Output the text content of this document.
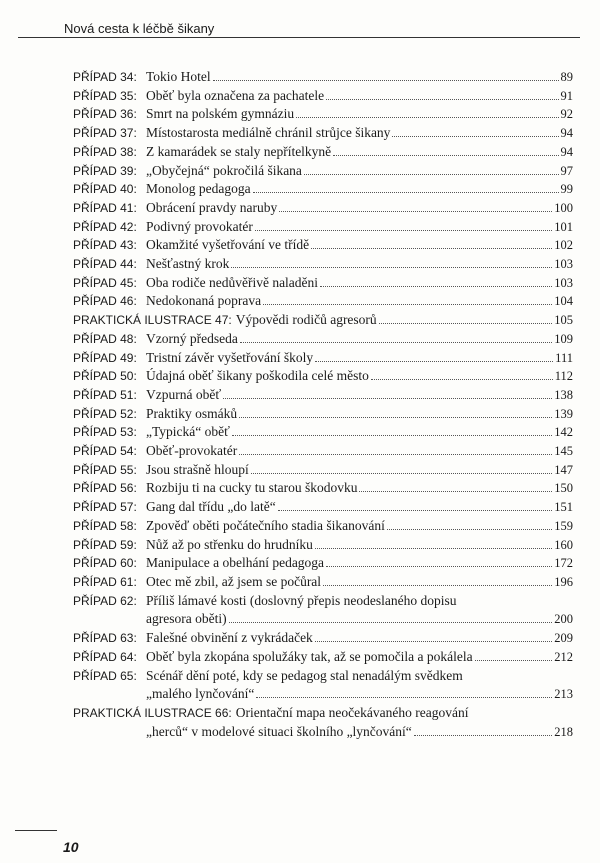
Nová cesta k léčbě šikany
PŘÍPAD 34: Tokio Hotel	89
PŘÍPAD 35: Oběť byla označena za pachatele	91
PŘÍPAD 36: Smrt na polském gymnáziu	92
PŘÍPAD 37: Místostarosta mediálně chránil strůjce šikany	94
PŘÍPAD 38: Z kamarádek se staly nepřítelkyně	94
PŘÍPAD 39: „Obyčejná“ pokročilá šikana	97
PŘÍPAD 40: Monolog pedagoga	99
PŘÍPAD 41: Obrácení pravdy naruby	100
PŘÍPAD 42: Podivný provokatér	101
PŘÍPAD 43: Okamžité vyšetřování ve třídě	102
PŘÍPAD 44: Nešťastný krok	103
PŘÍPAD 45: Oba rodiče nedůvěřivě naladěni	103
PŘÍPAD 46: Nedokonaná poprava	104
PRAKTICKÁ ILUSTRACE 47: Výpovědi rodičů agresorů	105
PŘÍPAD 48: Vzorný předseda	109
PŘÍPAD 49: Tristní závěr vyšetřování školy	111
PŘÍPAD 50: Údajná oběť šikany poškodila celé město	112
PŘÍPAD 51: Vzpurná oběť	138
PŘÍPAD 52: Praktiky osmáků	139
PŘÍPAD 53: „Typická“ oběť	142
PŘÍPAD 54: Oběť-provokatér	145
PŘÍPAD 55: Jsou strašně hloupí	147
PŘÍPAD 56: Rozbiju ti na cucky tu starou škodovku	150
PŘÍPAD 57: Gang dal třídu „do latě“	151
PŘÍPAD 58: Zpověď oběti počátečního stadia šikanování	159
PŘÍPAD 59: Nůž až po střenku do hrudníku	160
PŘÍPAD 60: Manipulace a obelhání pedagoga	172
PŘÍPAD 61: Otec mě zbil, až jsem se počůral	196
PŘÍPAD 62: Příliš lámavé kosti (doslovný přepis neodeslaného dopisu
agresora oběti)	200
PŘÍPAD 63: Falešné obvinění z vykrádaček	209
PŘÍPAD 64: Oběť byla zkopána spolužáky tak, až se pomočila a pokálela	212
PŘÍPAD 65: Scénář dění poté, kdy se pedagog stal nenadálým svědkem
„malého lynčování“	213
PRAKTICKÁ ILUSTRACE 66: Orientační mapa neočekávaného reagování
„herců“ v modelové situaci školního „lynčování“	218
10
